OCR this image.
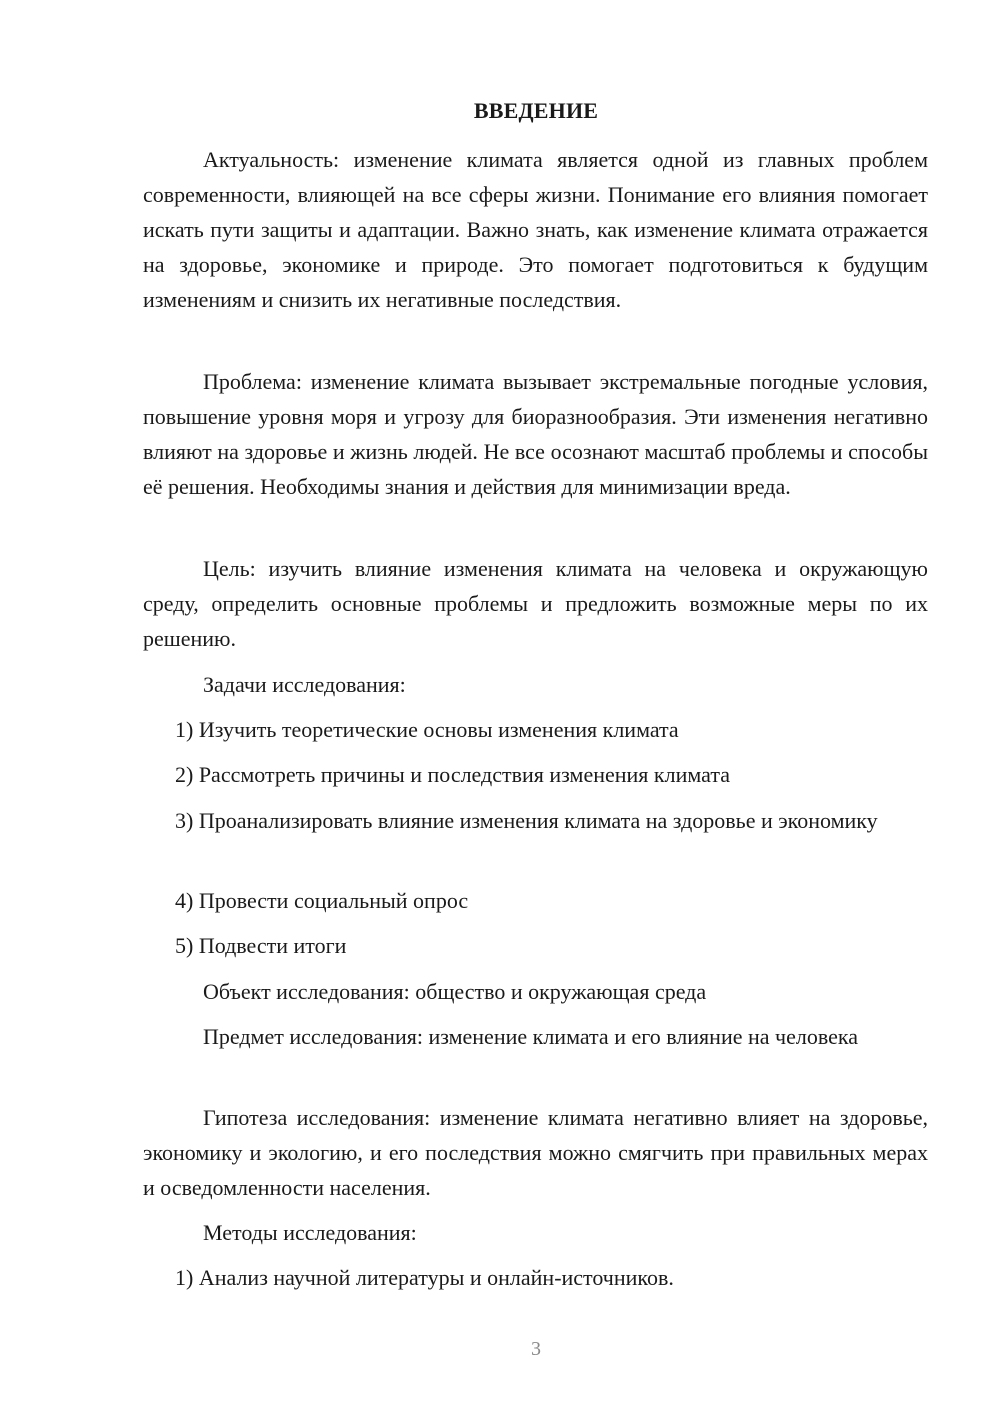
ВВЕДЕНИЕ
Актуальность: изменение климата является одной из главных проблем современности, влияющей на все сферы жизни. Понимание его влияния помогает искать пути защиты и адаптации. Важно знать, как изменение климата отражается на здоровье, экономике и природе. Это помогает подготовиться к будущим изменениям и снизить их негативные последствия.
Проблема: изменение климата вызывает экстремальные погодные условия, повышение уровня моря и угрозу для биоразнообразия. Эти изменения негативно влияют на здоровье и жизнь людей. Не все осознают масштаб проблемы и способы её решения. Необходимы знания и действия для минимизации вреда.
Цель: изучить влияние изменения климата на человека и окружающую среду, определить основные проблемы и предложить возможные меры по их решению.
Задачи исследования:
1) Изучить теоретические основы изменения климата
2) Рассмотреть причины и последствия изменения климата
3) Проанализировать влияние изменения климата на здоровье и экономику
4) Провести социальный опрос
5) Подвести итоги
Объект исследования: общество и окружающая среда
Предмет исследования: изменение климата и его влияние на человека
Гипотеза исследования: изменение климата негативно влияет на здоровье, экономику и экологию, и его последствия можно смягчить при правильных мерах и осведомленности населения.
Методы исследования:
1) Анализ научной литературы и онлайн-источников.
3
